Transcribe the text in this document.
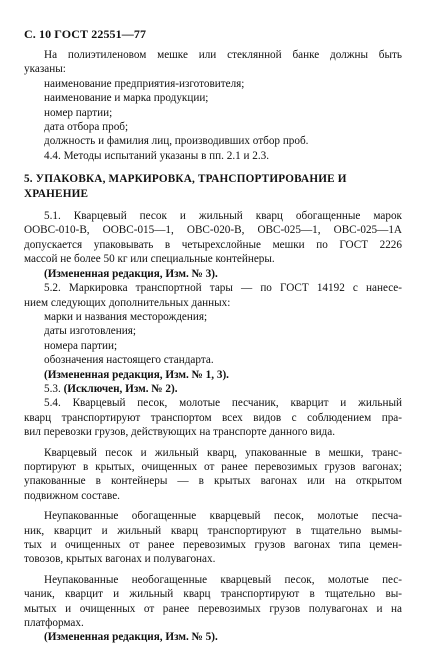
С. 10 ГОСТ 22551—77
На полиэтиленовом мешке или стеклянной банке должны быть
указаны:
наименование предприятия-изготовителя;
наименование и марка продукции;
номер партии;
дата отбора проб;
должность и фамилия лиц, производивших отбор проб.
4.4. Методы испытаний указаны в пп. 2.1 и 2.3.
5. УПАКОВКА, МАРКИРОВКА, ТРАНСПОРТИРОВАНИЕ И ХРАНЕНИЕ
5.1. Кварцевый песок и жильный кварц обогащенные марок
ООВС-010-В, ООВС-015—1, ОВС-020-В, ОВС-025—1, ОВС-025—1А
допускается упаковывать в четырехслойные мешки по ГОСТ 2226
массой не более 50 кг или специальные контейнеры.
(Измененная редакция, Изм. № 3).
5.2. Маркировка транспортной тары — по ГОСТ 14192 с нанесе-
нием следующих дополнительных данных:
марки и названия месторождения;
даты изготовления;
номера партии;
обозначения настоящего стандарта.
(Измененная редакция, Изм. № 1, 3).
5.3. (Исключен, Изм. № 2).
5.4. Кварцевый песок, молотые песчаник, кварцит и жильный
кварц транспортируют транспортом всех видов с соблюдением пра-
вил перевозки грузов, действующих на транспорте данного вида.
Кварцевый песок и жильный кварц, упакованные в мешки, транс-
портируют в крытых, очищенных от ранее перевозимых грузов вагонах;
упакованные в контейнеры — в крытых вагонах или на открытом
подвижном составе.
Неупакованные обогащенные кварцевый песок, молотые песча-
ник, кварцит и жильный кварц транспортируют в тщательно вымы-
тых и очищенных от ранее перевозимых грузов вагонах типа цемен-
товозов, крытых вагонах и полувагонах.
Неупакованные необогащенные кварцевый песок, молотые пес-
чаник, кварцит и жильный кварц транспортируют в тщательно вы-
мытых и очищенных от ранее перевозимых грузов полувагонах и на
платформах.
(Измененная редакция, Изм. № 5).
